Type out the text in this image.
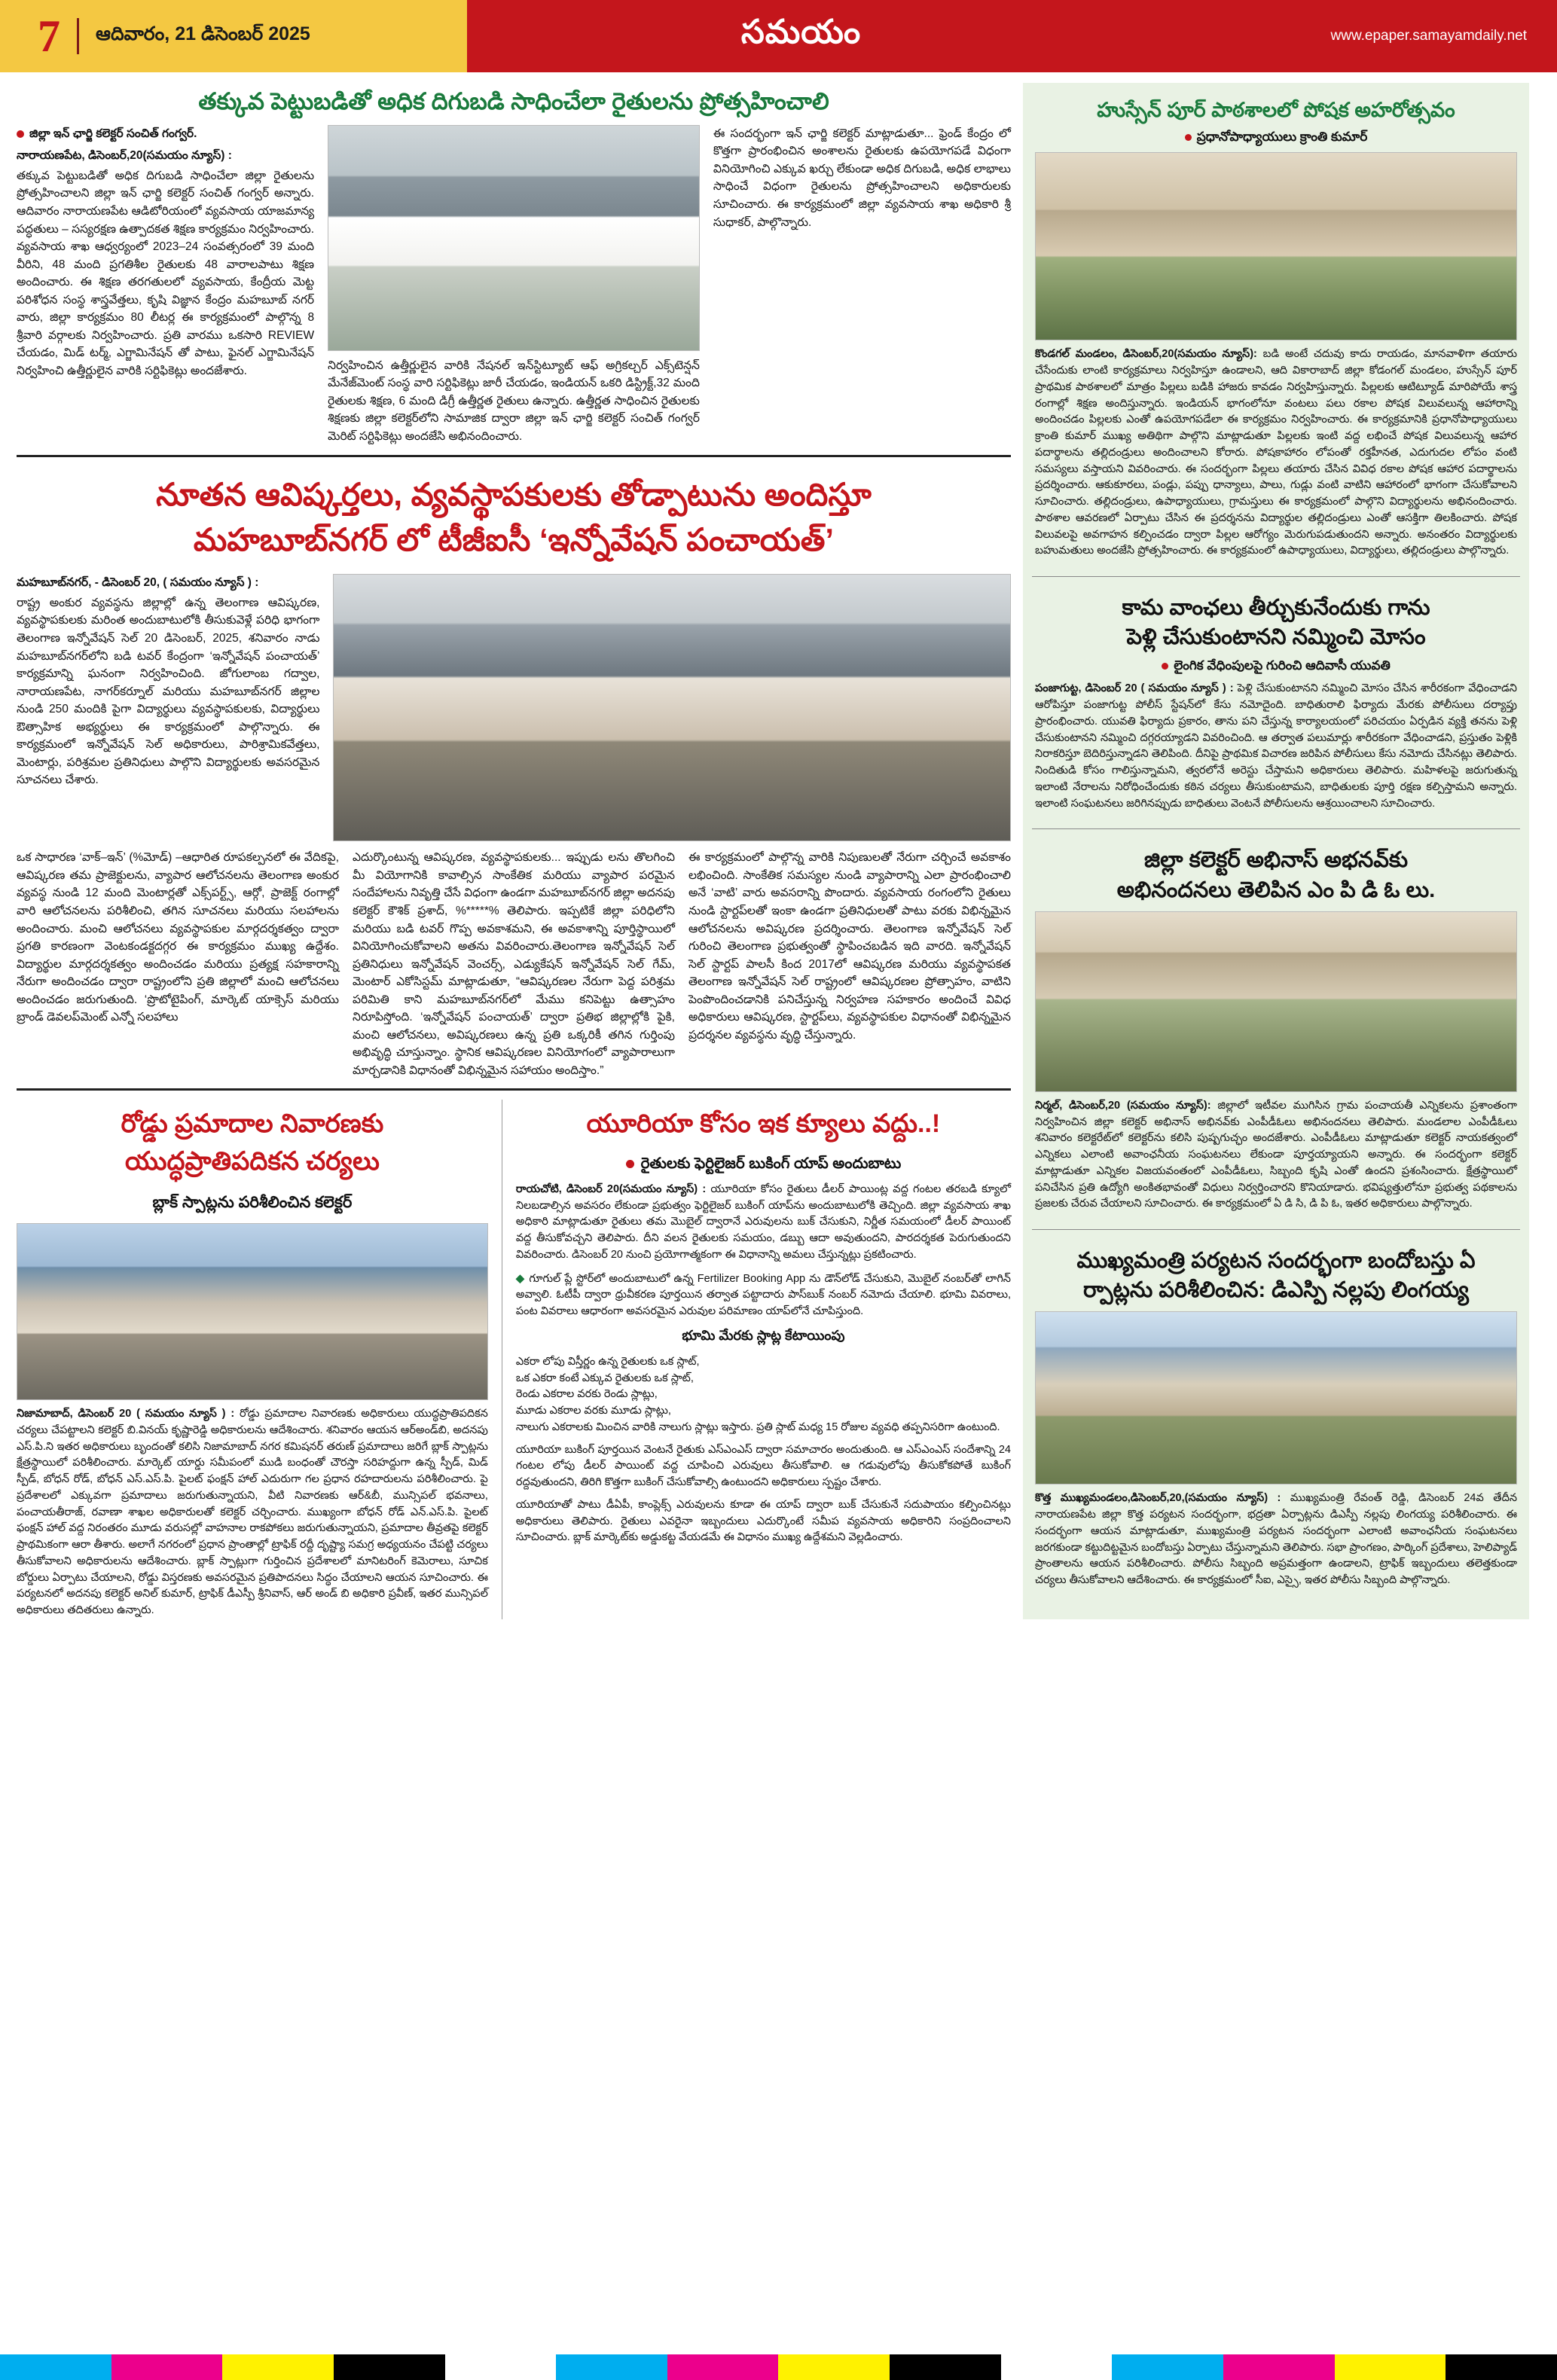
7 ఆదివారం, 21 డిసెంబర్ 2025	సమయం	www.epaper.samayamdaily.net
తక్కువ పెట్టుబడితో అధిక దిగుబడి సాధించేలా రైతులను ప్రోత్సహించాలి
జిల్లా ఇన్ ఛార్జి కలెక్టర్ సంచిత్ గంగ్వర్.
నారాయణపేట, డిసెంబర్,20(సమయం న్యూస్) :
తక్కువ పెట్టుబడితో అధిక దిగుబడి సాధించేలా జిల్లా రైతులను ప్రోత్సహించాలని జిల్లా ఇన్ ఛార్జి కలెక్టర్ సంచిత్ గంగ్వర్ అన్నారు. ఆదివారం నారాయణపేట ఆడిటోరియంలో వ్యవసాయ యాజమాన్య పద్ధతులు – సస్యరక్షణ ఉత్పాదకత శిక్షణ కార్యక్రమం నిర్వహించారు. వ్యవసాయ శాఖ ఆధ్వర్యంలో 2023–24 సంవత్సరంలో 39 మంది వీరిని, 48 మంది ప్రగతిశీల రైతులకు 48 వారాలపాటు శిక్షణ అందించారు. ఈ శిక్షణ తరగతులలో వ్యవసాయ, కేంద్రీయ మెట్ట పరిశోధన సంస్థ శాస్త్రవేత్తలు, కృషి విజ్ఞాన కేంద్రం మహబూబ్ నగర్ వారు, జిల్లా కార్యక్రమం 80 లీటర్ల ఈ కార్యక్రమంలో పాల్గొన్న 8 శ్రీవారి వర్గాలకు నిర్వహించారు. ప్రతి వారము ఒకసారి REVIEW చేయడం, మిడ్ టర్మ్, ఎగ్జామినేషన్ తో పాటు, ఫైనల్ ఎగ్జామినేషన్ నిర్వహించి ఉత్తీర్ణులైన వారికి సర్టిఫికెట్లు అందజేశారు.	నిర్వహించిన ఉత్తీర్ణులైన వారికి నేషనల్ ఇన్‌స్టిట్యూట్ ఆఫ్ అగ్రికల్చర్ ఎక్స్‌టెన్షన్ మేనేజ్‌మెంట్ సంస్థ వారి సర్టిఫికెట్లు జారీ చేయడం, ఇండియన్ ఒకరి డిస్ట్రిక్ట్,32 మంది రైతులకు శిక్షణ, 6 మంది డిగ్రీ ఉత్తీర్ణత రైతులు ఉన్నారు. ఉత్తీర్ణత సాధించిన రైతులకు శిక్షణకు జిల్లా కలెక్టర్‌లోని సామాజిక ద్వారా జిల్లా ఇన్ ఛార్జి కలెక్టర్ సంచిత్ గంగ్వర్ మెరిట్ సర్టిఫికెట్లు అందజేసి అభినందించారు.
ఈ సందర్భంగా ఇన్ ఛార్జి కలెక్టర్ మాట్లాడుతూ... ఫ్రెండ్ కేంద్రం లో కొత్తగా ప్రారంభించిన అంశాలను రైతులకు ఉపయోగపడే విధంగా వినియోగించి ఎక్కువ ఖర్చు లేకుండా అధిక దిగుబడి, అధిక లాభాలు సాధించే విధంగా రైతులను ప్రోత్సహించాలని అధికారులకు సూచించారు. ఈ కార్యక్రమంలో జిల్లా వ్యవసాయ శాఖ అధికారి శ్రీ సుధాకర్, పాల్గొన్నారు.
నూతన ఆవిష్కర్తలు, వ్యవస్థాపకులకు తోడ్పాటును అందిస్తూ
మహబూబ్‌నగర్ లో టీజీఐసీ ‘ఇన్నోవేషన్ పంచాయత్’
మహబూబ్‌నగర్, - డిసెంబర్ 20, ( సమయం న్యూస్ ) :
రాష్ట్ర అంకుర వ్యవస్థను జిల్లాల్లో ఉన్న తెలంగాణ ఆవిష్కరణ, వ్యవస్థాపకులకు మరింత అందుబాటులోకి తీసుకువెళ్లే పరిధి భాగంగా తెలంగాణ ఇన్నోవేషన్ సెల్ 20 డిసెంబర్, 2025, శనివారం నాడు మహబూబ్‌నగర్‌లోని బడి టవర్ కేంద్రంగా ‘ఇన్నోవేషన్ పంచాయత్’ కార్యక్రమాన్ని ఘనంగా నిర్వహించింది. జోగులాంబ గద్వాల, నారాయణపేట, నాగర్‌కర్నూల్ మరియు మహబూబ్‌నగర్ జిల్లాల నుండి 250 మందికి పైగా విద్యార్థులు వ్యవస్థాపకులకు, విద్యార్థులు ఔత్సాహిక అభ్యర్థులు ఈ కార్యక్రమంలో పాల్గొన్నారు. ఈ కార్యక్రమంలో ఇన్నోవేషన్ సెల్ అధికారులు, పారిశ్రామికవేత్తలు, మెంటార్లు, పరిశ్రమల ప్రతినిధులు పాల్గొని విద్యార్థులకు అవసరమైన సూచనలు చేశారు.
ఒక సాధారణ ‘వాక్‌–ఇన్’ (%మోడ్) –ఆధారిత రూపకల్పనలో ఈ వేదికపై, ఆవిష్కరణ తమ ప్రాజెక్టులను, వ్యాపార ఆలోచనలను తెలంగాణ అంకుర వ్యవస్థ నుండి 12 మంది మెంటార్లతో ఎక్స్‌పర్ట్స్, ఆర్గో, ప్రాజెక్ట్ రంగాల్లో వారి ఆలోచనలను పరిశీలించి, తగిన సూచనలు మరియు సలహాలను అందించారు. మంచి ఆలోచనలు వ్యవస్థాపకుల మార్గదర్శకత్వం ద్వారా ప్రగతి కారణంగా వెంటకండక్టదగ్గర ఈ కార్యక్రమం ముఖ్య ఉద్దేశం. విద్యార్థుల మార్గదర్శకత్వం అందించడం మరియు ప్రత్యక్ష సహకారాన్ని నేరుగా అందించడం ద్వారా రాష్ట్రంలోని ప్రతి జిల్లాలో మంచి ఆలోచనలు అందించడం జరుగుతుంది. ‘ప్రొటోటైపింగ్, మార్కెట్ యాక్సెస్ మరియు బ్రాండ్ డెవలప్‌మెంట్ ఎన్నో సలహాలు
ఎదుర్కొంటున్న ఆవిష్కరణ, వ్యవస్థాపకులకు... ఇప్పుడు లను తొలగించి మీ వియోగానికి కావాల్సిన సాంకేతిక మరియు వ్యాపార పరమైన సందేహాలను నివృత్తి చేసే విధంగా ఉండగా మహబూబ్‌నగర్ జిల్లా అదనపు కలెక్టర్ కౌశిక్ ప్రశాద్, %*****% తెలిపారు. ఇప్పటికే జిల్లా పరిధిలోని మరియు బడి టవర్ గొప్ప అవకాశమని, ఈ అవకాశాన్ని పూర్తిస్థాయిలో వినియోగించుకోవాలని అతను వివరించారు.తెలంగాణ ఇన్నోవేషన్ సెల్ ప్రతినిధులు ఇన్నోవేషన్ వెంచర్స్, ఎడ్యుకేషన్ ఇన్నోవేషన్ సెల్ గేమ్, మెంటార్ ఎకోసిస్టమ్ మాట్లాడుతూ, “ఆవిష్కరణల నేరుగా పెద్ద పరిశ్రమ పరిమితి కాని మహబూబ్‌నగర్‌లో మేము కనిపెట్టు ఉత్సాహం నిరూపిస్తోంది. ‘ఇన్నోవేషన్ పంచాయత్’ ద్వారా ప్రతిభ జిల్లాల్లోకి పైకి, మంచి ఆలోచనలు, అవిష్కరణలు ఉన్న ప్రతి ఒక్కరికీ తగిన గుర్తింపు అభివృద్ధి చూస్తున్నాం. స్థానిక ఆవిష్కరణల వినియోగంలో వ్యాపారాలుగా మార్చడానికి విధానంతో విభిన్నమైన సహాయం అందిస్తాం.”
ఈ కార్యక్రమంలో పాల్గొన్న వారికి నిపుణులతో నేరుగా చర్చించే అవకాశం లభించింది. సాంకేతిక సమస్యల నుండి వ్యాపారాన్ని ఎలా ప్రారంభించాలి అనే ‘వాటి’ వారు అవసరాన్ని పొందారు. వ్యవసాయ రంగంలోని రైతులు నుండి స్టార్టప్‌లతో ఇంకా ఉండగా ప్రతినిధులతో పాటు వరకు విభిన్నమైన ఆలోచనలను అవిష్కరణ ప్రదర్శించారు. తెలంగాణ ఇన్నోవేషన్ సెల్ గురించి తెలంగాణ ప్రభుత్వంతో స్థాపించబడిన ఇది వారది. ఇన్నోవేషన్ సెల్ స్టార్టప్ పాలసీ కింద 2017లో ఆవిష్కరణ మరియు వ్యవస్థాపకత తెలంగాణ ఇన్నోవేషన్ సెల్ రాష్ట్రంలో ఆవిష్కరణల ప్రోత్సాహం, వాటిని పెంపొందించడానికి పనిచేస్తున్న నిర్వహణ సహకారం అందించే వివిధ అధికారులు ఆవిష్కరణ, స్టార్టప్‌లు, వ్యవస్థాపకుల విధానంతో విభిన్నమైన ప్రదర్శనల వ్యవస్థను వృద్ధి చేస్తున్నారు.
రోడ్డు ప్రమాదాల నివారణకు
యుద్ధప్రాతిపదికన చర్యలు
బ్లాక్ స్పాట్లను పరిశీలించిన కలెక్టర్
నిజామాబాద్, డిసెంబర్ 20 ( సమయం న్యూస్ ) : రోడ్డు ప్రమాదాల నివారణకు అధికారులు యుద్ధప్రాతిపదికన చర్యలు చేపట్టాలని కలెక్టర్ బి.వినయ్ కృష్ణారెడ్డి అధికారులను ఆదేశించారు. శనివారం ఆయన ఆర్‌అండ్‌బి, అదనపు ఎస్.పి.ని ఇతర అధికారులు బృందంతో కలిసి నిజామాబాద్ నగర కమిషనర్ తరుణ్ ప్రమాదాలు జరిగే బ్లాక్ స్పాట్లను క్షేత్రస్థాయిలో పరిశీలించారు. మార్కెట్ యార్డు సమీపంలో ముడి బంధంతో చౌరస్తా సరిహద్దుగా ఉన్న స్పీడ్, మిడ్ స్పీడ్, బోధన్ రోడ్, బోధన్ ఎస్.ఎస్.పి. పైలట్ ఫంక్షన్ హాల్ ఎదురుగా గల ప్రధాన రహదారులను పరిశీలించారు. పై ప్రదేశాలలో ఎక్కువగా ప్రమాదాలు జరుగుతున్నాయని, వీటి నివారణకు ఆర్&బీ, మున్సిపల్ భవనాలు, పంచాయతీరాజ్, రవాణా శాఖల అధికారులతో కలెక్టర్ చర్చించారు. ముఖ్యంగా బోధన్ రోడ్ ఎన్.ఎస్.పి. పైలట్ ఫంక్షన్ హాల్ వద్ద నిరంతరం మూడు వరుసల్లో వాహనాల రాకపోకలు జరుగుతున్నాయని, ప్రమాదాల తీవ్రతపై కలెక్టర్ ప్రాథమికంగా ఆరా తీశారు. అలాగే నగరంలో ప్రధాన ప్రాంతాల్లో ట్రాఫిక్ రద్దీ దృష్ట్యా సమగ్ర అధ్యయనం చేపట్టి చర్యలు తీసుకోవాలని అధికారులను ఆదేశించారు. బ్లాక్ స్పాట్లుగా గుర్తించిన ప్రదేశాలలో మానిటరింగ్ కెమెరాలు, సూచిక బోర్డులు ఏర్పాటు చేయాలని, రోడ్డు విస్తరణకు అవసరమైన ప్రతిపాదనలు సిద్ధం చేయాలని ఆయన సూచించారు. ఈ పర్యటనలో అదనపు కలెక్టర్ అనిల్ కుమార్, ట్రాఫిక్ డీఎస్పీ శ్రీనివాస్, ఆర్ అండ్ బి అధికారి ప్రవీణ్, ఇతర మున్సిపల్ అధికారులు తదితరులు ఉన్నారు.
యూరియా కోసం ఇక క్యూలు వద్దు..!
రైతులకు ఫెర్టిలైజర్ బుకింగ్ యాప్ అందుబాటు
రాయచోటి, డిసెంబర్ 20(సమయం న్యూస్) : యూరియా కోసం రైతులు డీలర్ పాయింట్ల వద్ద గంటల తరబడి క్యూలో నిలబడాల్సిన అవసరం లేకుండా ప్రభుత్వం ఫెర్టిలైజర్ బుకింగ్ యాప్‌ను అందుబాటులోకి తెచ్చింది. జిల్లా వ్యవసాయ శాఖ అధికారి మాట్లాడుతూ రైతులు తమ మొబైల్ ద్వారానే ఎరువులను బుక్ చేసుకుని, నిర్ణీత సమయంలో డీలర్ పాయింట్ వద్ద తీసుకోవచ్చని తెలిపారు. దీని వలన రైతులకు సమయం, డబ్బు ఆదా అవుతుందని, పారదర్శకత పెరుగుతుందని వివరించారు. డిసెంబర్ 20 నుంచి ప్రయోగాత్మకంగా ఈ విధానాన్ని అమలు చేస్తున్నట్లు ప్రకటించారు.
◆ గూగుల్ ప్లే స్టోర్‌లో అందుబాటులో ఉన్న Fertilizer Booking App ను డౌన్‌లోడ్ చేసుకుని, మొబైల్ నంబర్‌తో లాగిన్ అవ్వాలి. ఓటీపీ ద్వారా ధ్రువీకరణ పూర్తయిన తర్వాత పట్టాదారు పాస్‌బుక్ నంబర్ నమోదు చేయాలి. భూమి వివరాలు, పంట వివరాలు ఆధారంగా అవసరమైన ఎరువుల పరిమాణం యాప్‌లోనే చూపిస్తుంది.
భూమి మేరకు స్లాట్ల కేటాయింపు
ఎకరా లోపు విస్తీర్ణం ఉన్న రైతులకు ఒక స్లాట్,
ఒక ఎకరా కంటే ఎక్కువ రైతులకు ఒక స్లాట్,
రెండు ఎకరాల వరకు రెండు స్లాట్లు,
మూడు ఎకరాల వరకు మూడు స్లాట్లు,
నాలుగు ఎకరాలకు మించిన వారికి నాలుగు స్లాట్లు ఇస్తారు. ప్రతి స్లాట్ మధ్య 15 రోజుల వ్యవధి తప్పనిసరిగా ఉంటుంది.
యూరియా బుకింగ్ పూర్తయిన వెంటనే రైతుకు ఎస్ఎంఎస్ ద్వారా సమాచారం అందుతుంది. ఆ ఎస్ఎంఎస్ సందేశాన్ని 24 గంటల లోపు డీలర్ పాయింట్ వద్ద చూపించి ఎరువులు తీసుకోవాలి. ఆ గడువులోపు తీసుకోకపోతే బుకింగ్ రద్దవుతుందని, తిరిగి కొత్తగా బుకింగ్ చేసుకోవాల్సి ఉంటుందని అధికారులు స్పష్టం చేశారు.
యూరియాతో పాటు డీఏపీ, కాంప్లెక్స్ ఎరువులను కూడా ఈ యాప్ ద్వారా బుక్ చేసుకునే సదుపాయం కల్పించినట్లు అధికారులు తెలిపారు. రైతులు ఎవరైనా ఇబ్బందులు ఎదుర్కొంటే సమీప వ్యవసాయ అధికారిని సంప్రదించాలని సూచించారు. బ్లాక్ మార్కెట్‌కు అడ్డుకట్ట వేయడమే ఈ విధానం ముఖ్య ఉద్దేశమని వెల్లడించారు.
హుస్సేన్ పూర్ పాఠశాలలో పోషక అహరోత్సవం
ప్రధానోపాధ్యాయులు క్రాంతి కుమార్
కొండగల్ మండలం, డిసెంబర్,20(సమయం న్యూస్): బడి అంటే చదువు కాదు రాయడం, మానవాళిగా తయారు చేసేందుకు లాంటి కార్యక్రమాలు నిర్వహిస్తూ ఉండాలని, ఆది వికారాబాద్ జిల్లా కోడంగల్ మండలం, హుస్సేన్ పూర్ ప్రాథమిక పాఠశాలలో మాత్రం పిల్లలు బడికి హాజరు కావడం నిర్వహిస్తున్నారు. పిల్లలకు ఆటిట్యూడ్ మారిపోయే శాస్త్ర రంగాల్లో శిక్షణ అందిస్తున్నారు. ఇండియన్ భాగంలోనూ వంటలు పలు రకాల పోషక విలువలున్న ఆహారాన్ని అందించడం పిల్లలకు ఎంతో ఉపయోగపడేలా ఈ కార్యక్రమం నిర్వహించారు. ఈ కార్యక్రమానికి ప్రధానోపాధ్యాయులు క్రాంతి కుమార్ ముఖ్య అతిథిగా పాల్గొని మాట్లాడుతూ పిల్లలకు ఇంటి వద్ద లభించే పోషక విలువలున్న ఆహార పదార్థాలను తల్లిదండ్రులు అందించాలని కోరారు. పోషకాహారం లోపంతో రక్తహీనత, ఎదుగుదల లోపం వంటి సమస్యలు వస్తాయని వివరించారు. ఈ సందర్భంగా పిల్లలు తయారు చేసిన వివిధ రకాల పోషక ఆహార పదార్థాలను ప్రదర్శించారు. ఆకుకూరలు, పండ్లు, పప్పు ధాన్యాలు, పాలు, గుడ్లు వంటి వాటిని ఆహారంలో భాగంగా చేసుకోవాలని సూచించారు. తల్లిదండ్రులు, ఉపాధ్యాయులు, గ్రామస్తులు ఈ కార్యక్రమంలో పాల్గొని విద్యార్థులను అభినందించారు. పాఠశాల ఆవరణలో ఏర్పాటు చేసిన ఈ ప్రదర్శనను విద్యార్థుల తల్లిదండ్రులు ఎంతో ఆసక్తిగా తిలకించారు. పోషక విలువలపై అవగాహన కల్పించడం ద్వారా పిల్లల ఆరోగ్యం మెరుగుపడుతుందని అన్నారు. అనంతరం విద్యార్థులకు బహుమతులు అందజేసి ప్రోత్సహించారు. ఈ కార్యక్రమంలో ఉపాధ్యాయులు, విద్యార్థులు, తల్లిదండ్రులు పాల్గొన్నారు.
కామ వాంఛలు తీర్చుకునేందుకు గాను
పెళ్లి చేసుకుంటానని నమ్మించి మోసం
లైంగిక వేధింపులపై గురించి ఆదివాసీ యువతి
పంజాగుట్ట, డిసెంబర్ 20 ( సమయం న్యూస్ ) : పెళ్లి చేసుకుంటానని నమ్మించి మోసం చేసిన శారీరకంగా వేధించాడని ఆరోపిస్తూ పంజాగుట్ట పోలీస్ స్టేషన్‌లో కేసు నమోదైంది. బాధితురాలి ఫిర్యాదు మేరకు పోలీసులు దర్యాప్తు ప్రారంభించారు. యువతి ఫిర్యాదు ప్రకారం, తాను పని చేస్తున్న కార్యాలయంలో పరిచయం ఏర్పడిన వ్యక్తి తనను పెళ్లి చేసుకుంటానని నమ్మించి దగ్గరయ్యాడని వివరించింది. ఆ తర్వాత పలుమార్లు శారీరకంగా వేధించాడని, ప్రస్తుతం పెళ్లికి నిరాకరిస్తూ బెదిరిస్తున్నాడని తెలిపింది. దీనిపై ప్రాథమిక విచారణ జరిపిన పోలీసులు కేసు నమోదు చేసినట్లు తెలిపారు. నిందితుడి కోసం గాలిస్తున్నామని, త్వరలోనే అరెస్టు చేస్తామని అధికారులు తెలిపారు. మహిళలపై జరుగుతున్న ఇలాంటి నేరాలను నిరోధించేందుకు కఠిన చర్యలు తీసుకుంటామని, బాధితులకు పూర్తి రక్షణ కల్పిస్తామని అన్నారు. ఇలాంటి సంఘటనలు జరిగినప్పుడు బాధితులు వెంటనే పోలీసులను ఆశ్రయించాలని సూచించారు.
జిల్లా కలెక్టర్ అభినాస్ అభనవ్‌కు
అభినందనలు తెలిపిన ఎం పి డి ఓ లు.
నిర్మల్, డిసెంబర్,20 (సమయం న్యూస్): జిల్లాలో ఇటీవల ముగిసిన గ్రామ పంచాయతీ ఎన్నికలను ప్రశాంతంగా నిర్వహించిన జిల్లా కలెక్టర్ అభినాస్ అభినవ్‌కు ఎంపీడీఓలు అభినందనలు తెలిపారు. మండలాల ఎంపీడీఓలు శనివారం కలెక్టరేట్‌లో కలెక్టర్‌ను కలిసి పుష్పగుచ్ఛం అందజేశారు. ఎంపీడీఓలు మాట్లాడుతూ కలెక్టర్ నాయకత్వంలో ఎన్నికలు ఎలాంటి అవాంఛనీయ సంఘటనలు లేకుండా పూర్తయ్యాయని అన్నారు. ఈ సందర్భంగా కలెక్టర్ మాట్లాడుతూ ఎన్నికల విజయవంతంలో ఎంపీడీఓలు, సిబ్బంది కృషి ఎంతో ఉందని ప్రశంసించారు. క్షేత్రస్థాయిలో పనిచేసిన ప్రతి ఉద్యోగి అంకితభావంతో విధులు నిర్వర్తించారని కొనియాడారు. భవిష్యత్తులోనూ ప్రభుత్వ పథకాలను ప్రజలకు చేరువ చేయాలని సూచించారు. ఈ కార్యక్రమంలో ఏ డి సి, డి పి ఓ, ఇతర అధికారులు పాల్గొన్నారు.
ముఖ్యమంత్రి పర్యటన సందర్భంగా బందోబస్తు ఏ
ర్పాట్లను పరిశీలించిన: డిఎస్పి నల్లపు లింగయ్య
కొత్త ముఖ్యమండలం,డిసెంబర్,20,(సమయం న్యూస్) : ముఖ్యమంత్రి రేవంత్ రెడ్డి, డిసెంబర్ 24వ తేదీన నారాయణపేట జిల్లా కొత్త పర్యటన సందర్భంగా, భద్రతా ఏర్పాట్లను డిఎస్పీ నల్లపు లింగయ్య పరిశీలించారు. ఈ సందర్భంగా ఆయన మాట్లాడుతూ, ముఖ్యమంత్రి పర్యటన సందర్భంగా ఎలాంటి అవాంఛనీయ సంఘటనలు జరగకుండా కట్టుదిట్టమైన బందోబస్తు ఏర్పాటు చేస్తున్నామని తెలిపారు. సభా ప్రాంగణం, పార్కింగ్ ప్రదేశాలు, హెలిప్యాడ్ ప్రాంతాలను ఆయన పరిశీలించారు. పోలీసు సిబ్బంది అప్రమత్తంగా ఉండాలని, ట్రాఫిక్ ఇబ్బందులు తలెత్తకుండా చర్యలు తీసుకోవాలని ఆదేశించారు. ఈ కార్యక్రమంలో సీఐ, ఎస్సై, ఇతర పోలీసు సిబ్బంది పాల్గొన్నారు.
